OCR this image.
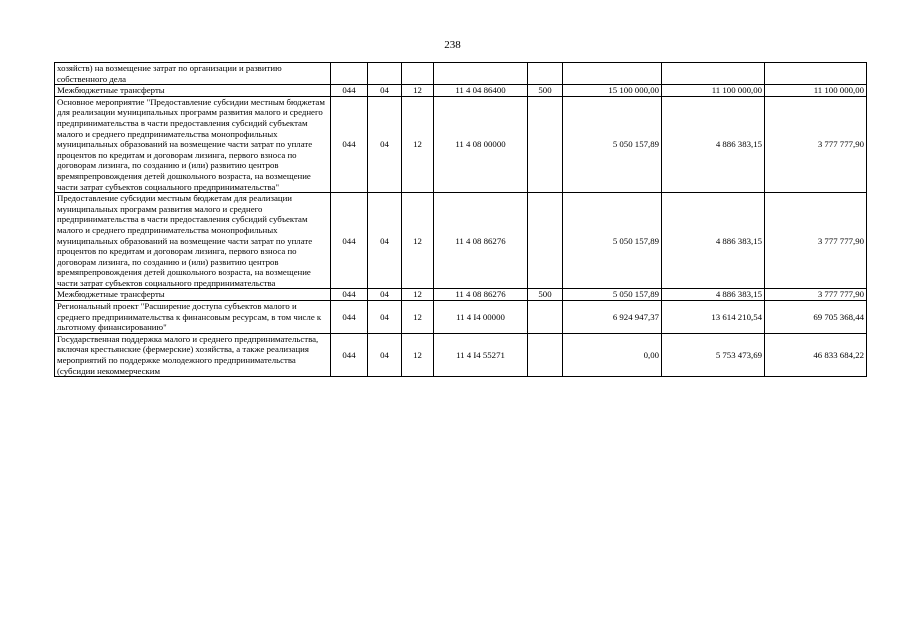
238
хозяйств) на возмещение затрат по организации и развитию собственного дела								
Межбюджетные трансферты	044	04	12	11 4 04 86400	500	15 100 000,00	11 100 000,00	11 100 000,00
Основное мероприятие "Предоставление субсидии местным бюджетам для реализации муниципальных программ развития малого и среднего предпринимательства в части предоставления субсидий субъектам малого и среднего предпринимательства монопрофильных муниципальных образований на возмещение части затрат по уплате процентов по кредитам и договорам лизинга, первого взноса по договорам лизинга, по созданию и (или) развитию центров времяпрепровождения детей дошкольного возраста, на возмещение части затрат субъектов социального предпринимательства"	044	04	12	11 4 08 00000		5 050 157,89	4 886 383,15	3 777 777,90
Предоставление субсидии местным бюджетам для реализации муниципальных программ развития малого и среднего предпринимательства в части предоставления субсидий субъектам малого и среднего предпринимательства монопрофильных муниципальных образований на возмещение части затрат по уплате процентов по кредитам и договорам лизинга, первого взноса по договорам лизинга, по созданию и (или) развитию центров времяпрепровождения детей дошкольного возраста, на возмещение части затрат субъектов социального предпринимательства	044	04	12	11 4 08 86276		5 050 157,89	4 886 383,15	3 777 777,90
Межбюджетные трансферты	044	04	12	11 4 08 86276	500	5 050 157,89	4 886 383,15	3 777 777,90
Региональный проект "Расширение доступа субъектов малого и среднего предпринимательства к финансовым ресурсам, в том числе к льготному финансированию"	044	04	12	11 4 I4 00000		6 924 947,37	13 614 210,54	69 705 368,44
Государственная поддержка малого и среднего предпринимательства, включая крестьянские (фермерские) хозяйства, а также реализация мероприятий по поддержке молодежного предпринимательства (субсидии некоммерческим	044	04	12	11 4 I4 55271		0,00	5 753 473,69	46 833 684,22
